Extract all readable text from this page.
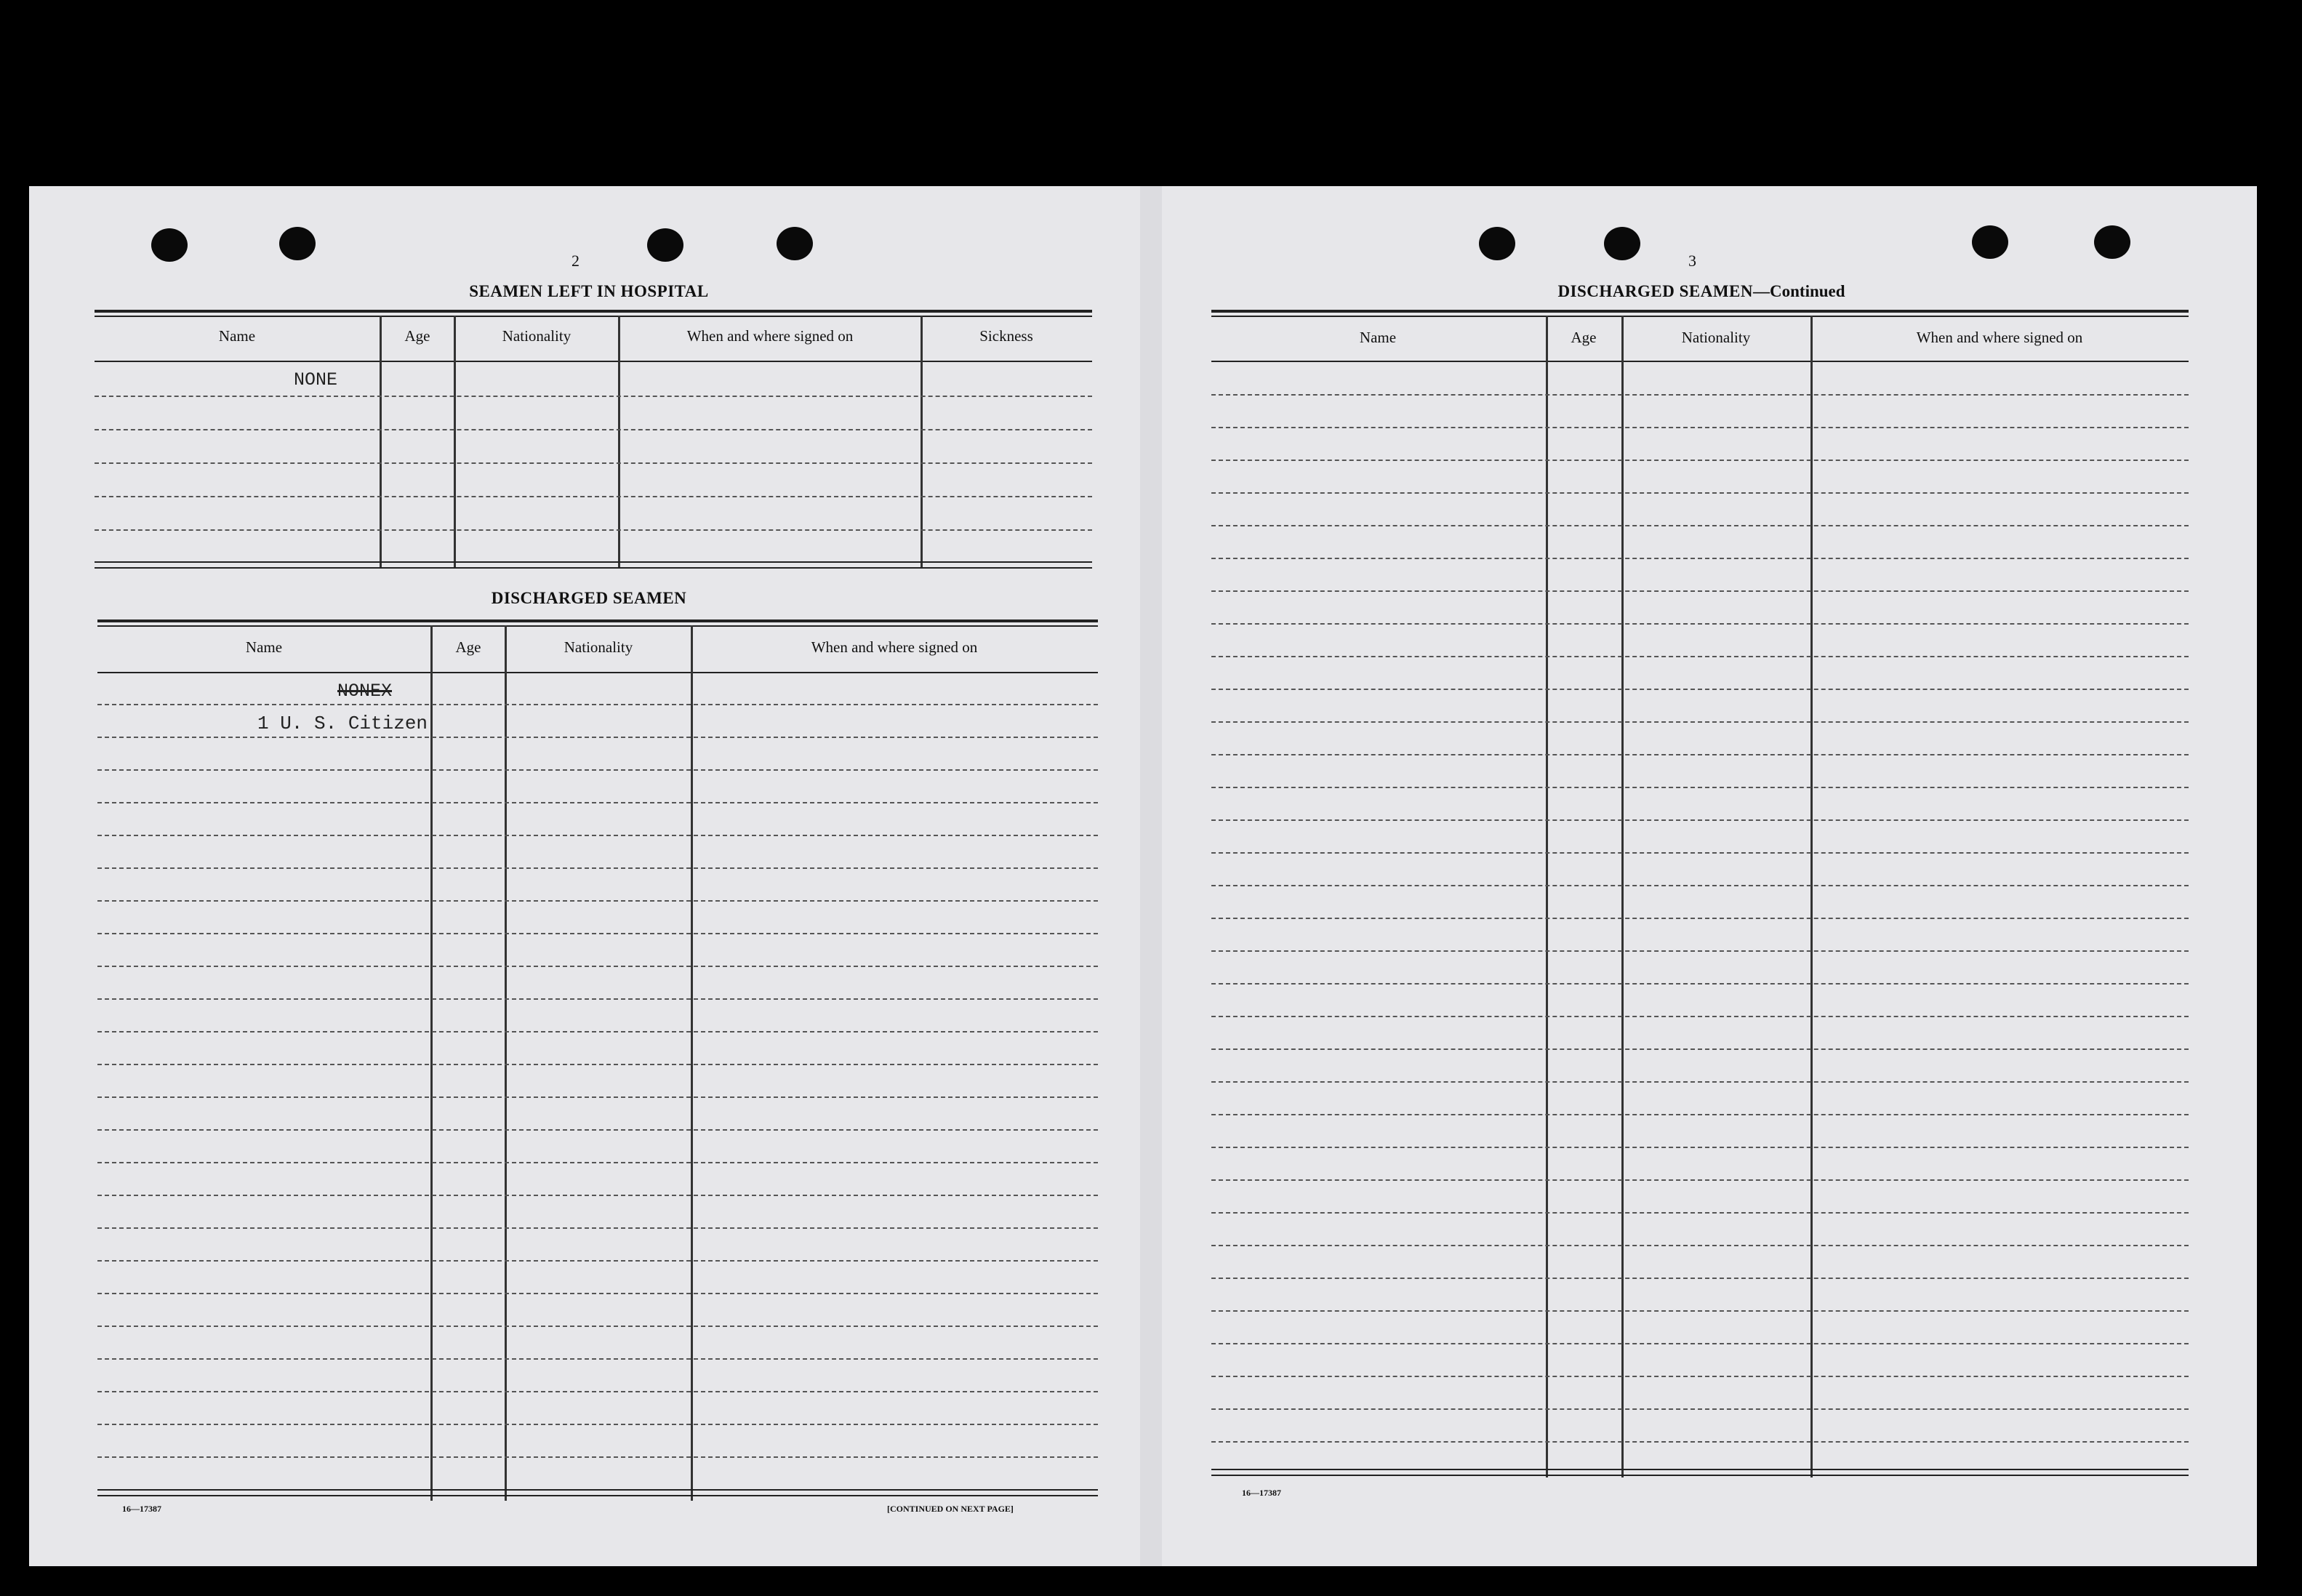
2
SEAMEN LEFT IN HOSPITAL
Name	Age	Nationality	When and where signed on	Sickness
NONE
DISCHARGED SEAMEN
Name	Age	Nationality	When and where signed on
NONEX
1 U. S. Citizen
16—17387	[CONTINUED ON NEXT PAGE]
3
DISCHARGED SEAMEN—Continued
Name	Age	Nationality	When and where signed on
16—17387
